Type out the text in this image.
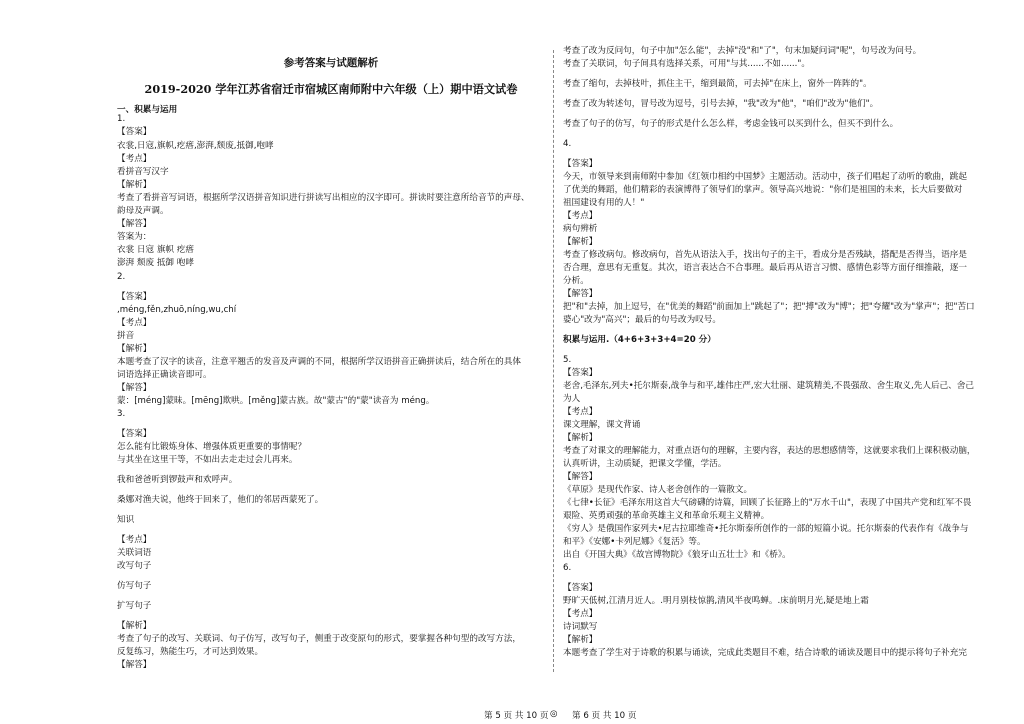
参考答案与试题解析
2019-2020 学年江苏省宿迁市宿城区南师附中六年级（上）期中语文试卷
一、积累与运用
1.
【答案】
衣裳,日寇,旗帜,疙瘩,澎湃,颓废,抵御,咆哮
【考点】
看拼音写汉字
【解析】
考查了看拼音写词语，根据所学汉语拼音知识进行拼读写出相应的汉字即可。拼读时要注意所给音节的声母、
韵母及声调。
【解答】
答案为：
衣裳 日寇 旗帜 疙瘩
澎湃 颓废 抵御 咆哮
2.
【答案】
,méng,fěn,zhuō,níng,wu,chí
【考点】
拼音
【解析】
本题考查了汉字的读音，注意平翘舌的发音及声调的不同，根据所学汉语拼音正确拼读后，结合所在的具体
词语选择正确读音即可。
【解答】
蒙：[méng]蒙昧。[mēng]欺哄。[měng]蒙古族。故"蒙古"的"蒙"读音为 méng。
3.
【答案】
怎么能有比锻炼身体、增强体质更重要的事情呢？
与其坐在这里干等，不如出去走走过会儿再来。
我和爸爸听到锣鼓声和欢呼声。
桑娜对渔夫说，他终于回来了，他们的邻居西蒙死了。
知识
【考点】
关联词语
改写句子
仿写句子
扩写句子
【解析】
考查了句子的改写、关联词、句子仿写，改写句子，侧重于改变原句的形式，要掌握各种句型的改写方法，
反复练习，熟能生巧，才可达到效果。
【解答】
考查了改为反问句，句子中加"怎么能"，去掉"没"和"了"，句末加疑问词"呢"，句号改为问号。
考查了关联词，句子间具有选择关系，可用"与其......不如......"。
考查了缩句，去掉枝叶，抓住主干，缩到最简，可去掉"在床上，窗外一阵阵的"。
考查了改为转述句，冒号改为逗号，引号去掉，"我"改为"他"，"咱们"改为"他们"。
考查了句子的仿写，句子的形式是什么怎么样，考虑金钱可以买到什么，但买不到什么。
4.
【答案】
今天，市领导来到南师附中参加《红领巾相约中国梦》主题活动。活动中，孩子们唱起了动听的歌曲，跳起
了优美的舞蹈，他们精彩的表演博得了领导们的掌声。领导高兴地说："你们是祖国的未来，长大后要做对
祖国建设有用的人！"
【考点】
病句辨析
【解析】
考查了修改病句。修改病句，首先从语法入手，找出句子的主干，看成分是否残缺，搭配是否得当，语序是
否合理，意思有无重复。其次，语言表达合不合事理。最后再从语言习惯、感情色彩等方面仔细推敲，逐一
分析。
【解答】
把"和"去掉，加上逗号，在"优美的舞蹈"前面加上"跳起了"；把"搏"改为"博"；把"夸耀"改为"掌声"；把"苦口
婆心"改为"高兴"；最后的句号改为叹号。
积累与运用.（4+6+3+3+4=20 分）
5.
【答案】
老舍,毛泽东,列夫•托尔斯泰,战争与和平,雄伟庄严,宏大壮丽、建筑精美,不畏强敌、舍生取义,先人后己、舍己
为人
【考点】
课文理解，课文背诵
【解析】
考查了对课文的理解能力，对重点语句的理解，主要内容，表达的思想感情等，这就要求我们上课积极动脑，
认真听讲，主动质疑，把课文学懂，学活。
【解答】
《草原》是现代作家、诗人老舍创作的一篇散文。
《七律•长征》毛泽东用这首大气磅礴的诗篇，回顾了长征路上的"万水千山"，表现了中国共产党和红军不畏
艰险、英勇顽强的革命英雄主义和革命乐观主义精神。
《穷人》是俄国作家列夫•尼古拉耶维奇•托尔斯泰所创作的一部的短篇小说。托尔斯泰的代表作有《战争与
和平》《安娜•卡列尼娜》《复活》等。
出自《开国大典》《故宫博物院》《狼牙山五壮士》和《桥》。
6.
【答案】
野旷天低树,江清月近人。.明月别枝惊鹊,清风半夜鸣蝉。.床前明月光,疑是地上霜
【考点】
诗词默写
【解析】
本题考查了学生对于诗歌的积累与诵读，完成此类题目不难，结合诗歌的诵读及题目中的提示将句子补充完
第 5 页 共 10 页 ◎ 第 6 页 共 10 页
